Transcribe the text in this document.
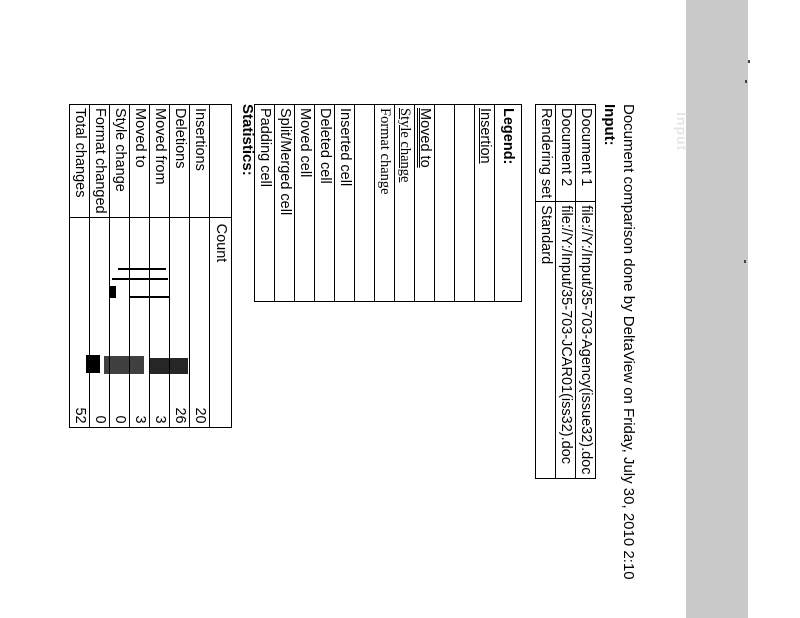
Input
Document comparison done by DeltaView on Friday, July 30, 2010 2:10
Input:
Document 1	file://Y:/Input/35-703-Agency(issue32).doc
Document 2	file://Y:/Input/35-703-JCAR01(iss32).doc
Rendering set	Standard
Legend:
Insertion

Moved to
Style change
Format change

Inserted cell
Deleted cell
Moved cell
Split/Merged cell
Padding cell
Statistics:
	Count
Insertions	20
Deletions	26
Moved from	3
Moved to	3
Style change	0
Format changed	0
Total changes	52
